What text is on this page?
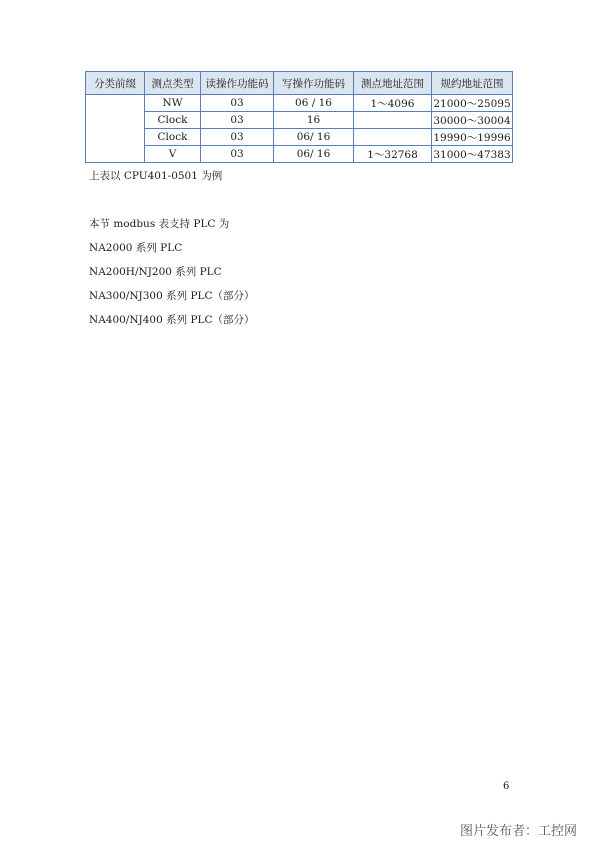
分类前缀	测点类型	读操作功能码	写操作功能码	测点地址范围	规约地址范围
	NW	03	06 / 16	1～4096	21000～25095
	Clock	03	16		30000～30004
	Clock	03	06/ 16		19990～19996
	V	03	06/ 16	1～32768	31000～47383
上表以 CPU401-0501 为例
本节 modbus 表支持 PLC 为
NA2000 系列 PLC
NA200H/NJ200 系列 PLC
NA300/NJ300 系列 PLC（部分）
NA400/NJ400 系列 PLC（部分）
6
图片发布者：工控网
